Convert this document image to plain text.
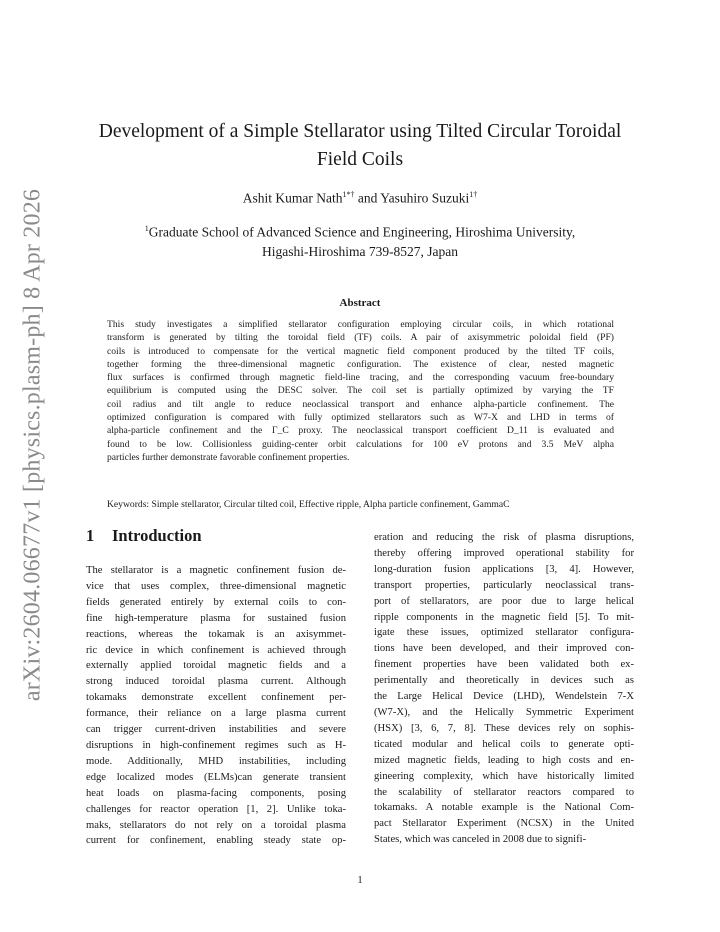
arXiv:2604.06677v1 [physics.plasm-ph] 8 Apr 2026
Development of a Simple Stellarator using Tilted Circular Toroidal
Field Coils
Ashit Kumar Nath$^{1*\dagger}$ and Yasuhiro Suzuki$^{1\dagger}$
$^1$Graduate School of Advanced Science and Engineering, Hiroshima University,
Higashi-Hiroshima 739-8527, Japan
Abstract
This study investigates a simplified stellarator configuration employing circular coils, in which rotational
transform is generated by tilting the toroidal field (TF) coils. A pair of axisymmetric poloidal field (PF)
coils is introduced to compensate for the vertical magnetic field component produced by the tilted TF coils,
together forming the three-dimensional magnetic configuration. The existence of clear, nested magnetic
flux surfaces is confirmed through magnetic field-line tracing, and the corresponding vacuum free-boundary
equilibrium is computed using the DESC solver. The coil set is partially optimized by varying the TF
coil radius and tilt angle to reduce neoclassical transport and enhance alpha-particle confinement. The
optimized configuration is compared with fully optimized stellarators such as W7-X and LHD in terms of
alpha-particle confinement and the Γ_C proxy. The neoclassical transport coefficient D_11 is evaluated and
found to be low. Collisionless guiding-center orbit calculations for 100 eV protons and 3.5 MeV alpha
particles further demonstrate favorable confinement properties.
Keywords: Simple stellarator, Circular tilted coil, Effective ripple, Alpha particle confinement, GammaC
1 Introduction
The stellarator is a magnetic confinement fusion de-
vice that uses complex, three-dimensional magnetic
fields generated entirely by external coils to con-
fine high-temperature plasma for sustained fusion
reactions, whereas the tokamak is an axisymmet-
ric device in which confinement is achieved through
externally applied toroidal magnetic fields and a
strong induced toroidal plasma current. Although
tokamaks demonstrate excellent confinement per-
formance, their reliance on a large plasma current
can trigger current-driven instabilities and severe
disruptions in high-confinement regimes such as H-
mode. Additionally, MHD instabilities, including
edge localized modes (ELMs)can generate transient
heat loads on plasma-facing components, posing
challenges for reactor operation [1, 2]. Unlike toka-
maks, stellarators do not rely on a toroidal plasma
current for confinement, enabling steady state op-
eration and reducing the risk of plasma disruptions,
thereby offering improved operational stability for
long-duration fusion applications [3, 4]. However,
transport properties, particularly neoclassical trans-
port of stellarators, are poor due to large helical
ripple components in the magnetic field [5]. To mit-
igate these issues, optimized stellarator configura-
tions have been developed, and their improved con-
finement properties have been validated both ex-
perimentally and theoretically in devices such as
the Large Helical Device (LHD), Wendelstein 7-X
(W7-X), and the Helically Symmetric Experiment
(HSX) [3, 6, 7, 8]. These devices rely on sophis-
ticated modular and helical coils to generate opti-
mized magnetic fields, leading to high costs and en-
gineering complexity, which have historically limited
the scalability of stellarator reactors compared to
tokamaks. A notable example is the National Com-
pact Stellarator Experiment (NCSX) in the United
States, which was canceled in 2008 due to signifi-
1
